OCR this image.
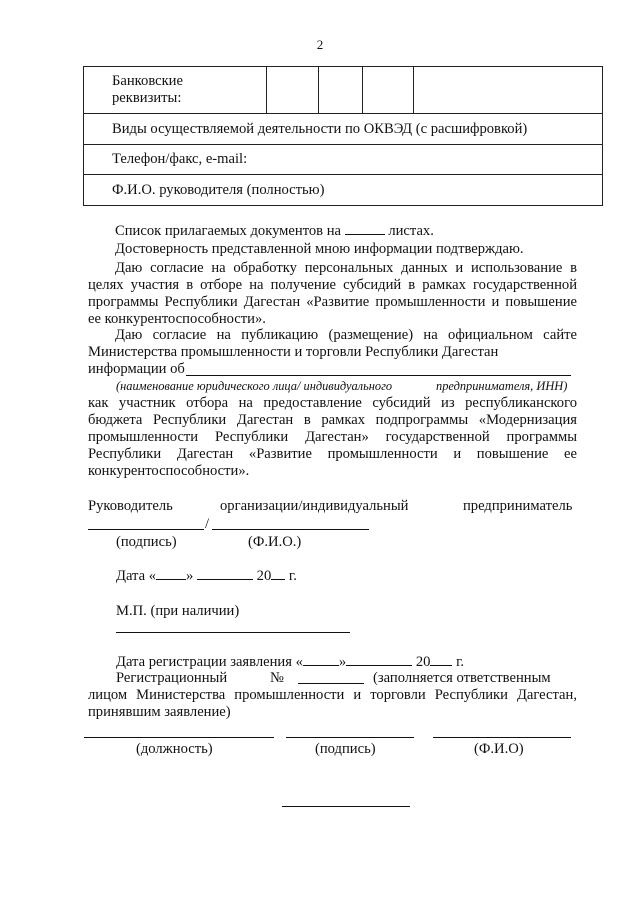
2
Банковские
реквизиты:				
Виды осуществляемой деятельности по ОКВЭД (с расшифровкой)
Телефон/факс, e-mail:
Ф.И.О. руководителя (полностью)
Список прилагаемых документов на	листах.
Достоверность представленной мною информации подтверждаю.
Даю согласие на обработку персональных данных и использование в целях участия в отборе на получение субсидий в рамках государственной программы Республики Дагестан «Развитие промышленности и повышение ее конкурентоспособности».
Даю согласие на публикацию (размещение) на официальном сайте Министерства промышленности и торговли Республики Дагестан
информации об
(наименование юридического лица/ индивидуального	предпринимателя, ИНН)
как участник отбора на предоставление субсидий из республиканского бюджета Республики Дагестан в рамках подпрограммы «Модернизация промышленности Республики Дагестан» государственной программы Республики Дагестан «Развитие промышленности и повышение ее конкурентоспособности».
Руководитель	организации/индивидуальный	предприниматель
/
(подпись)	(Ф.И.О.)
Дата « »	20 г.
М.П. (при наличии)
Дата регистрации заявления « »	20 г.
Регистрационный	№	(заполняется ответственным
лицом Министерства промышленности и торговли Республики Дагестан, принявшим заявление)
(должность)	(подпись)	(Ф.И.О)
